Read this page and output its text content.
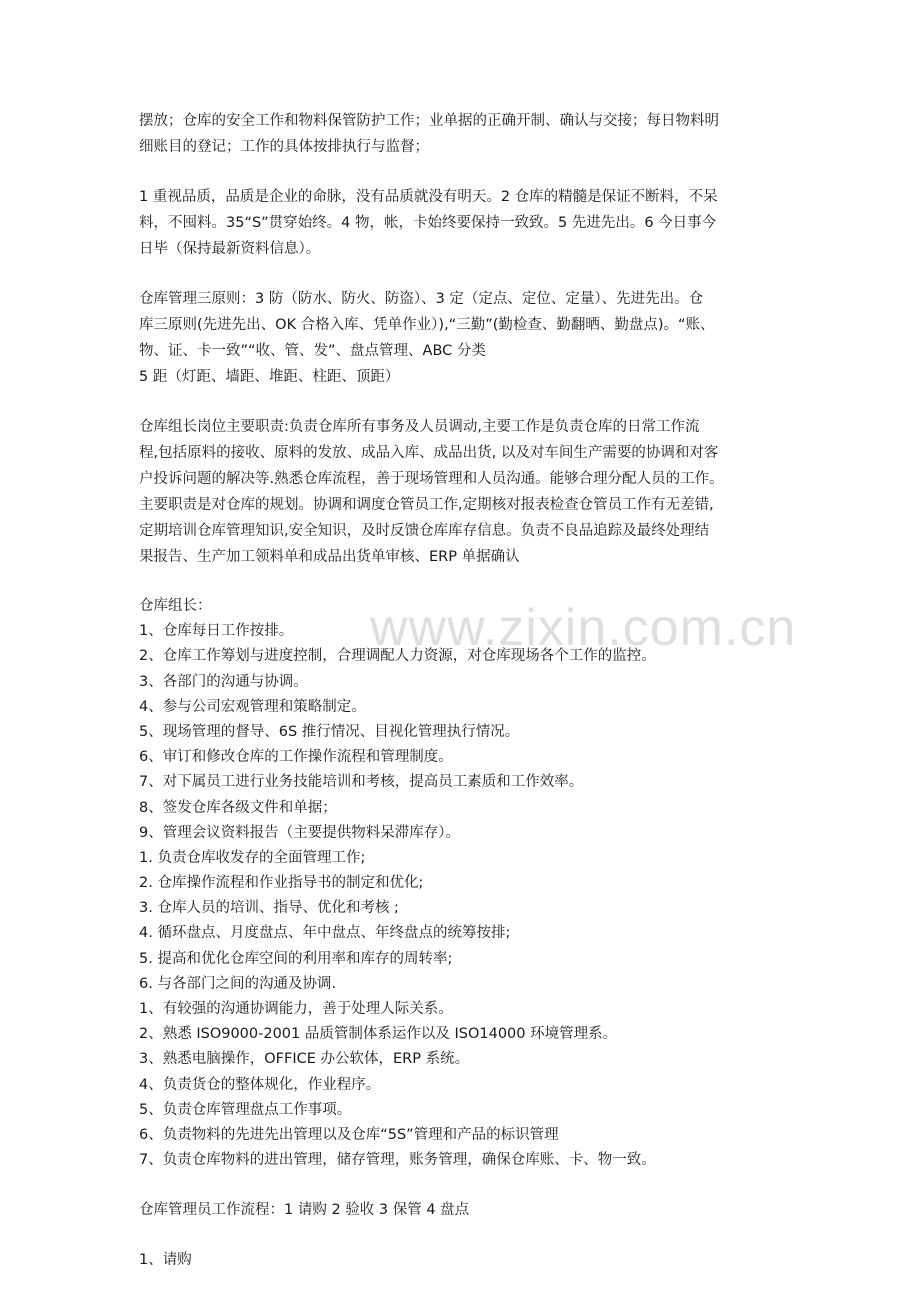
摆放；仓库的安全工作和物料保管防护工作；业单据的正确开制、确认与交接；每日物料明
细账目的登记；工作的具体按排执行与监督；
1 重视品质，品质是企业的命脉，没有品质就没有明天。2 仓库的精髓是保证不断料，不呆
料，不囤料。35“S”贯穿始终。4 物，帐，卡始终要保持一致致。5 先进先出。6 今日事今
日毕（保持最新资料信息）。
仓库管理三原则：3 防（防水、防火、防盗）、3 定（定点、定位、定量）、先进先出。仓
库三原则(先进先出、OK 合格入库、凭单作业）),“三勤”(勤检查、勤翻晒、勤盘点)。“账、
物、证、卡一致”“收、管、发”、盘点管理、ABC 分类
5 距（灯距、墙距、堆距、柱距、顶距）
仓库组长岗位主要职责:负责仓库所有事务及人员调动,主要工作是负责仓库的日常工作流
程,包括原料的接收、原料的发放、成品入库、成品出货, 以及对车间生产需要的协调和对客
户投诉问题的解决等.熟悉仓库流程，善于现场管理和人员沟通。能够合理分配人员的工作。
主要职责是对仓库的规划。协调和调度仓管员工作,定期核对报表检查仓管员工作有无差错,
定期培训仓库管理知识,安全知识，及时反馈仓库库存信息。负责不良品追踪及最终处理结
果报告、生产加工领料单和成品出货单审核、ERP 单据确认
仓库组长：
1、仓库每日工作按排。
2、仓库工作筹划与进度控制，合理调配人力资源，对仓库现场各个工作的监控。
3、各部门的沟通与协调。
4、参与公司宏观管理和策略制定。
5、现场管理的督导、6S 推行情况、目视化管理执行情况。
6、审订和修改仓库的工作操作流程和管理制度。
7、对下属员工进行业务技能培训和考核，提高员工素质和工作效率。
8、签发仓库各级文件和单据；
9、管理会议资料报告（主要提供物料呆滞库存）。
1. 负责仓库收发存的全面管理工作;
2. 仓库操作流程和作业指导书的制定和优化;
3. 仓库人员的培训、指导、优化和考核 ;
4. 循环盘点、月度盘点、年中盘点、年终盘点的统筹按排;
5. 提高和优化仓库空间的利用率和库存的周转率;
6. 与各部门之间的沟通及协调.
1、有较强的沟通协调能力，善于处理人际关系。
2、熟悉 ISO9000-2001 品质管制体系运作以及 ISO14000 环境管理系。
3、熟悉电脑操作，OFFICE 办公软体，ERP 系统。
4、负责货仓的整体规化，作业程序。
5、负责仓库管理盘点工作事项。
6、负责物料的先进先出管理以及仓库“5S”管理和产品的标识管理
7、负责仓库物料的进出管理，储存管理，账务管理，确保仓库账、卡、物一致。
仓库管理员工作流程：1 请购 2 验收 3 保管 4 盘点
1、请购
www.zixin.com.cn
